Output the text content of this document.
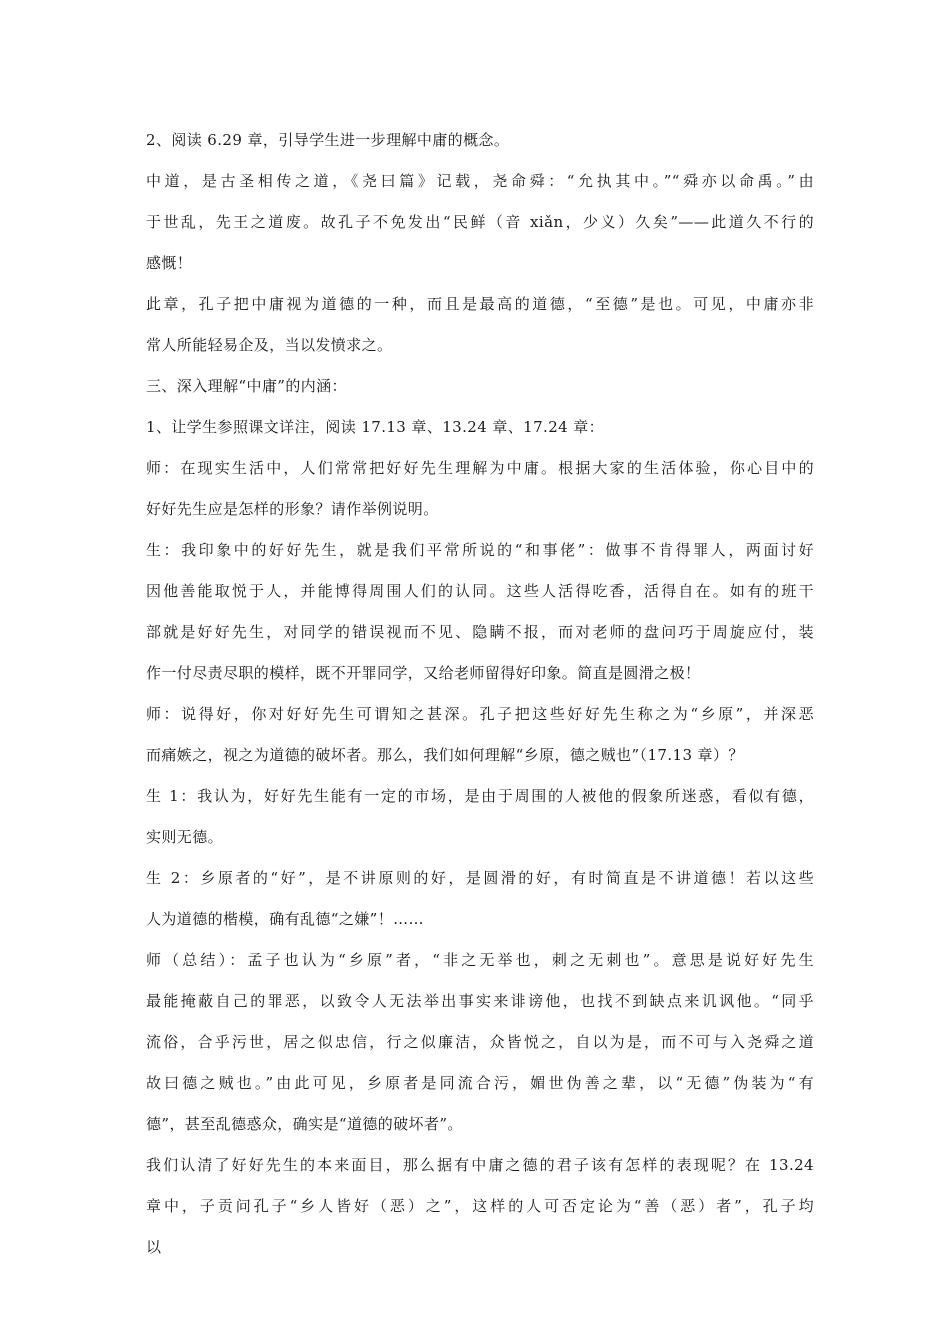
2、阅读 6.29 章，引导学生进一步理解中庸的概念。

中道，是古圣相传之道，《尧曰篇》记载，尧命舜：“允执其中。”“舜亦以命禹。”由
于世乱，先王之道废。故孔子不免发出“民鲜（音 xiǎn，少义）久矣”——此道久不行的
感慨！

此章，孔子把中庸视为道德的一种，而且是最高的道德，“至德”是也。可见，中庸亦非
常人所能轻易企及，当以发愤求之。

三、深入理解“中庸”的内涵：

1、让学生参照课文详注，阅读 17.13 章、13.24 章、17.24 章：

师：在现实生活中，人们常常把好好先生理解为中庸。根据大家的生活体验，你心目中的
好好先生应是怎样的形象？请作举例说明。

生：我印象中的好好先生，就是我们平常所说的“和事佬”：做事不肯得罪人，两面讨好
因他善能取悦于人，并能博得周围人们的认同。这些人活得吃香，活得自在。如有的班干
部就是好好先生，对同学的错误视而不见、隐瞒不报，而对老师的盘问巧于周旋应付，装
作一付尽责尽职的模样，既不开罪同学，又给老师留得好印象。简直是圆滑之极！

师：说得好，你对好好先生可谓知之甚深。孔子把这些好好先生称之为“乡原”，并深恶
而痛嫉之，视之为道德的破坏者。那么，我们如何理解“乡原，德之贼也”（17.13 章）？

生 1：我认为，好好先生能有一定的市场，是由于周围的人被他的假象所迷惑，看似有德，
实则无德。

生 2：乡原者的“好”，是不讲原则的好，是圆滑的好，有时简直是不讲道德！若以这些
人为道德的楷模，确有乱德“之嫌”！……

师（总结）：孟子也认为“乡原”者，“非之无举也，刺之无刺也”。意思是说好好先生
最能掩蔽自己的罪恶，以致令人无法举出事实来诽谤他，也找不到缺点来讥讽他。“同乎
流俗，合乎污世，居之似忠信，行之似廉洁，众皆悦之，自以为是，而不可与入尧舜之道
故曰德之贼也。”由此可见，乡原者是同流合污，媚世伪善之辈，以“无德”伪装为“有
德”，甚至乱德惑众，确实是“道德的破坏者”。

我们认清了好好先生的本来面目，那么据有中庸之德的君子该有怎样的表现呢？在 13.24
章中，子贡问孔子“乡人皆好（恶）之”，这样的人可否定论为“善（恶）者”，孔子均
以
